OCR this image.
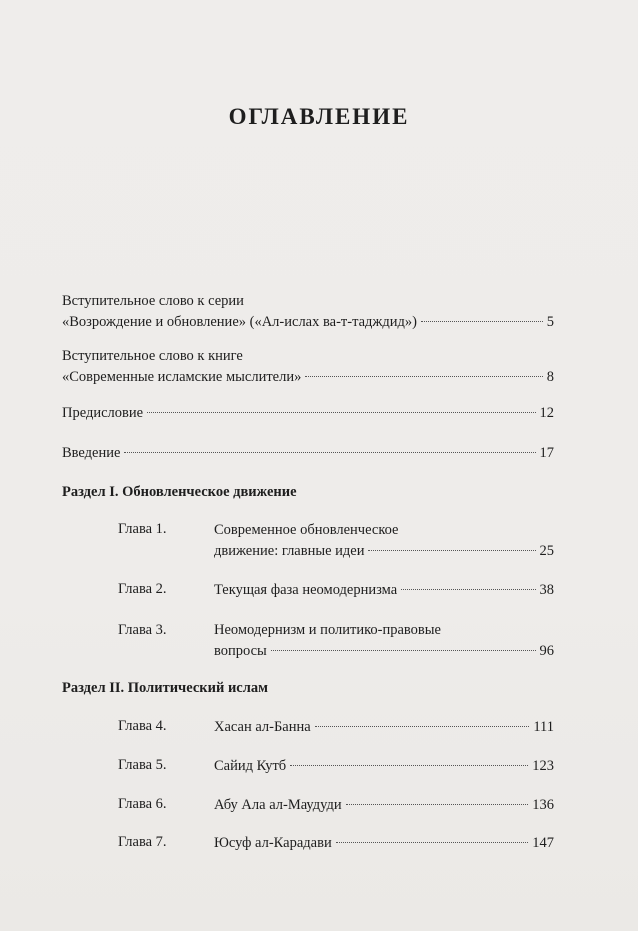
ОГЛАВЛЕНИЕ
Вступительное слово к серии
«Возрождение и обновление» («Ал-ислах ва-т-тадждид»)	5
Вступительное слово к книге
«Современные исламские мыслители»	8
Предисловие	12
Введение	17
Раздел I. Обновленческое движение
Глава 1.	Современное обновленческое
движение: главные идеи	25
Глава 2.	Текущая фаза неомодернизма	38
Глава 3.	Неомодернизм и политико-правовые
вопросы	96
Раздел II. Политический ислам
Глава 4.	Хасан ал-Банна	111
Глава 5.	Сайид Кутб	123
Глава 6.	Абу Ала ал-Маудуди	136
Глава 7.	Юсуф ал-Карадави	147
